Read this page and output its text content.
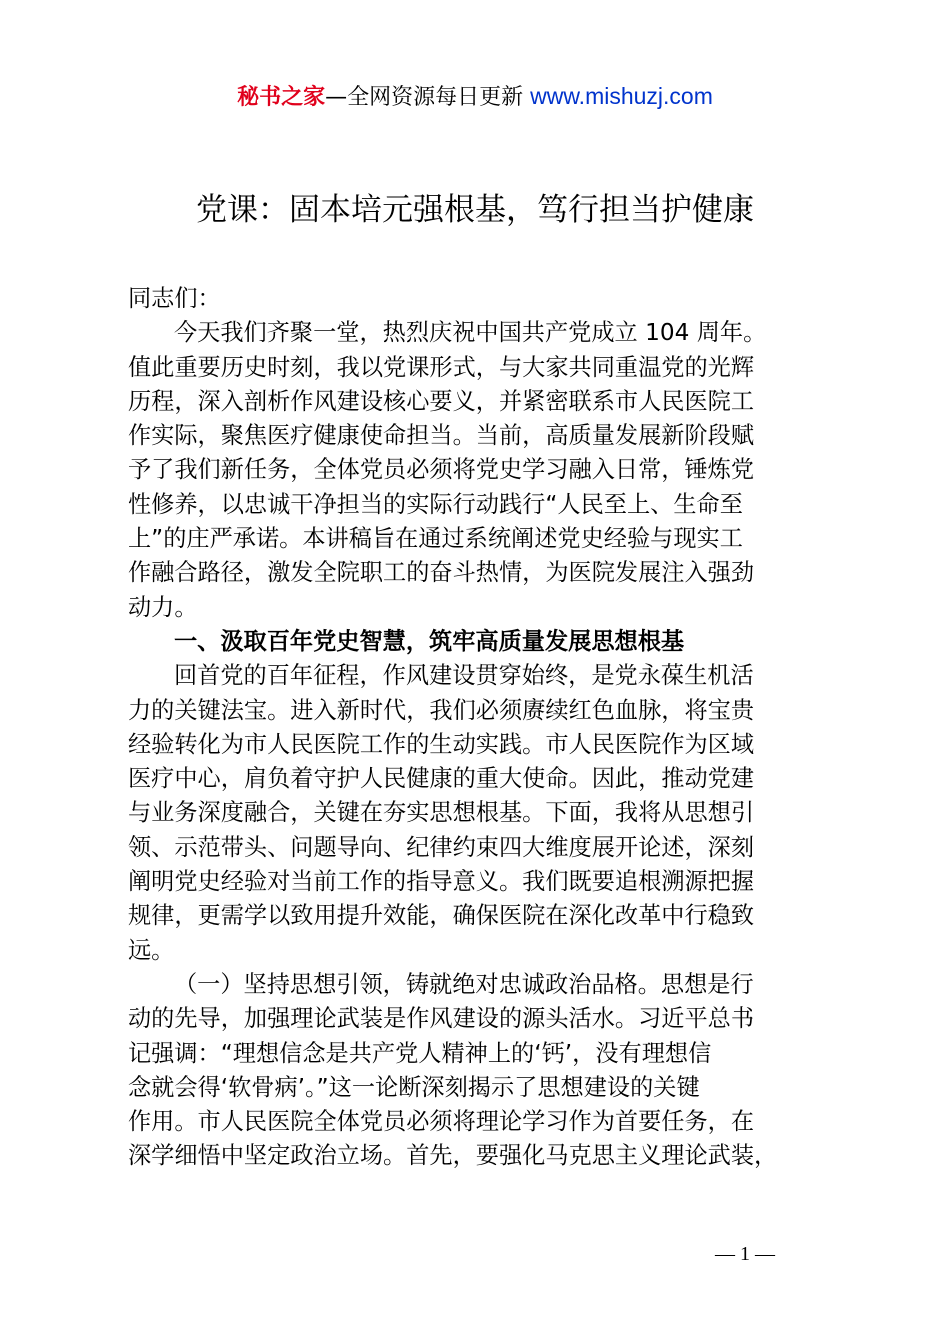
秘书之家—全网资源每日更新 www.mishuzj.com
党课：固本培元强根基，笃行担当护健康
同志们：
今天我们齐聚一堂，热烈庆祝中国共产党成立 104 周年。
值此重要历史时刻，我以党课形式，与大家共同重温党的光辉
历程，深入剖析作风建设核心要义，并紧密联系市人民医院工
作实际，聚焦医疗健康使命担当。当前，高质量发展新阶段赋
予了我们新任务，全体党员必须将党史学习融入日常，锤炼党
性修养，以忠诚干净担当的实际行动践行“人民至上、生命至
上”的庄严承诺。本讲稿旨在通过系统阐述党史经验与现实工
作融合路径，激发全院职工的奋斗热情，为医院发展注入强劲
动力。
一、汲取百年党史智慧，筑牢高质量发展思想根基
回首党的百年征程，作风建设贯穿始终，是党永葆生机活
力的关键法宝。进入新时代，我们必须赓续红色血脉，将宝贵
经验转化为市人民医院工作的生动实践。市人民医院作为区域
医疗中心，肩负着守护人民健康的重大使命。因此，推动党建
与业务深度融合，关键在夯实思想根基。下面，我将从思想引
领、示范带头、问题导向、纪律约束四大维度展开论述，深刻
阐明党史经验对当前工作的指导意义。我们既要追根溯源把握
规律，更需学以致用提升效能，确保医院在深化改革中行稳致
远。
（一）坚持思想引领，铸就绝对忠诚政治品格。思想是行
动的先导，加强理论武装是作风建设的源头活水。习近平总书
记强调：“理想信念是共产党人精神上的‘钙’，没有理想信
念就会得‘软骨病’。”这一论断深刻揭示了思想建设的关键
作用。市人民医院全体党员必须将理论学习作为首要任务，在
深学细悟中坚定政治立场。首先，要强化马克思主义理论武装，
— 1 —
